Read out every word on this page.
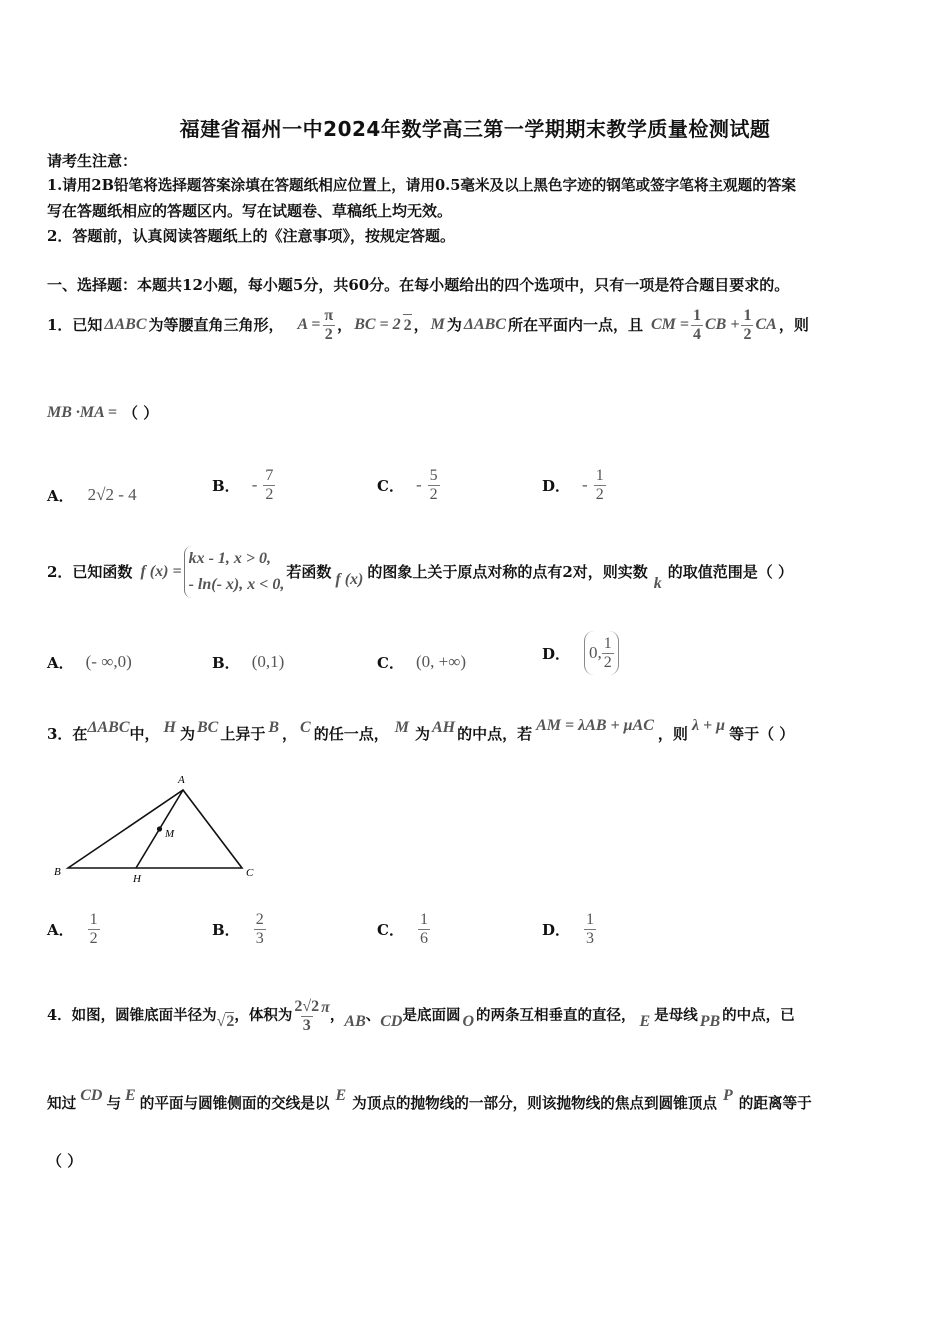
福建省福州一中2024年数学高三第一学期期末教学质量检测试题
请考生注意：
1.请用2B铅笔将选择题答案涂填在答题纸相应位置上，请用0.5毫米及以上黑色字迹的钢笔或签字笔将主观题的答案
写在答题纸相应的答题区内。写在试题卷、草稿纸上均无效。
2．答题前，认真阅读答题纸上的《注意事项》，按规定答题。
一、选择题：本题共12小题，每小题5分，共60分。在每小题给出的四个选项中，只有一项是符合题目要求的。
1．已知 ΔABC 为等腰直角三角形， $A = \frac{\pi}{2}$ ， BC = 2 2 ， M 为 ΔABC 所在平面内一点，且 CM = $\frac{1}{4}$ CB + $\frac{1}{2}$ CA ，则
MB ·MA = （ ）
A． 2√2 - 4	B． - $\frac{7}{2}$	C． - $\frac{5}{2}$	D． - $\frac{1}{2}$
2．已知函数 f (x) =
kx - 1, x > 0,
- ln(- x), x < 0,
若函数 f (x) 的图象上关于原点对称的点有2对，则实数
k
的取值范围是（ ）
A． (- ∞,0)	B． (0,1)	C． (0, +∞)	D． 0, $\frac{1}{2}$
3．在 ΔABC 中， H 为 BC 上异于 B ， C 的任一点， M 为 AH 的中点，若 AM = λAB + μAC ，则 λ + μ 等于（ ）
A
B	C
H
M
A． $\frac{1}{2}$	B． $\frac{2}{3}$	C． $\frac{1}{6}$	D． $\frac{1}{3}$
4．如图，圆锥底面半径为 √2 ，体积为 $\frac{2√2}{3}$ π ， AB 、 CD 是底面圆 O 的两条互相垂直的直径， E 是母线 PB 的中点，已
知过 CD 与 E 的平面与圆锥侧面的交线是以 E 为顶点的抛物线的一部分，则该抛物线的焦点到圆锥顶点 P 的距离等于
（ ）
